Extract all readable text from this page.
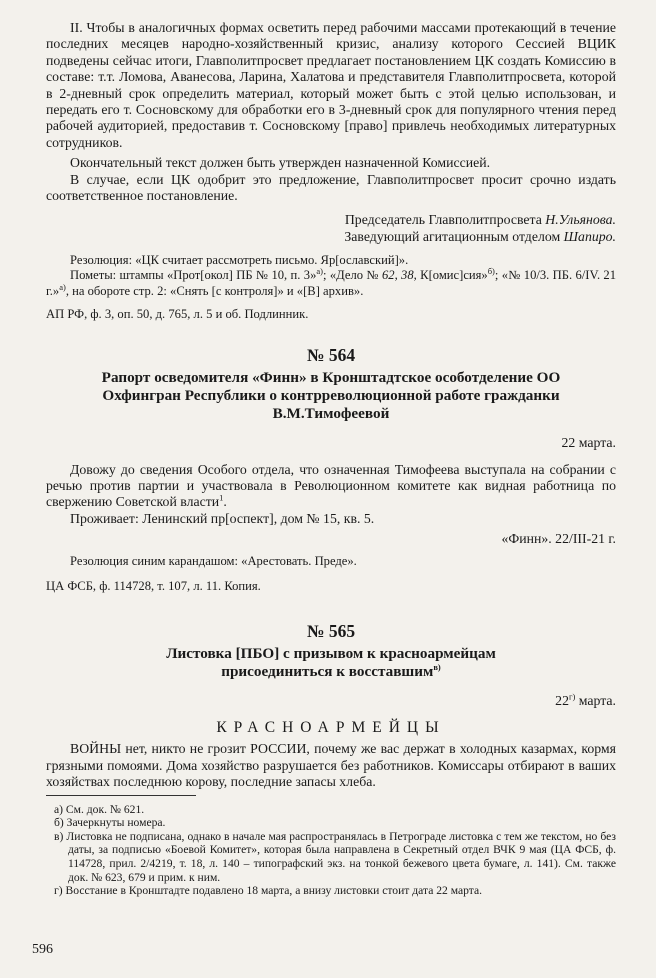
II. Чтобы в аналогичных формах осветить перед рабочими массами протекающий в течение последних месяцев народно-хозяйственный кризис, анализу которого Сессией ВЦИК подведены сейчас итоги, Главполитпросвет предлагает постановлением ЦК создать Комиссию в составе: т.т. Ломова, Аванесова, Ларина, Халатова и представителя Главполитпросвета, которой в 2-дневный срок определить материал, который может быть с этой целью использован, и передать его т. Сосновскому для обработки его в 3-дневный срок для популярного чтения перед рабочей аудиторией, предоставив т. Сосновскому [право] привлечь необходимых литературных сотрудников.

Окончательный текст должен быть утвержден назначенной Комиссией.

В случае, если ЦК одобрит это предложение, Главполитпросвет просит срочно издать соответственное постановление.

Председатель Главполитпросвета Н.Ульянова.

Заведующий агитационным отделом Шапиро.

Резолюция: «ЦК считает рассмотреть письмо. Яр[ославский]».

Пометы: штампы «Прот[окол] ПБ № 10, п. 3»$^{а)}$; «Дело № 62, 38, К[омис]сия»$^{б)}$; «№ 10/3. ПБ. 6/IV. 21 г.»$^{а)}$, на обороте стр. 2: «Снять [с контроля]» и «[В] архив».

АП РФ, ф. 3, оп. 50, д. 765, л. 5 и об. Подлинник.

№ 564

Рапорт осведомителя «Финн» в Кронштадтское особотделение ОО Охфингран Республики о контрреволюционной работе гражданки В.М.Тимофеевой

22 марта.

Довожу до сведения Особого отдела, что означенная Тимофеева выступала на собрании с речью против партии и участвовала в Революционном комитете как видная работница по свержению Советской власти$^1$.

Проживает: Ленинский пр[оспект], дом № 15, кв. 5.

«Финн». 22/III-21 г.

Резолюция синим карандашом: «Арестовать. Преде».

ЦА ФСБ, ф. 114728, т. 107, л. 11. Копия.

№ 565

Листовка [ПБО] с призывом к красноармейцам присоединиться к восставшим$^{в)}$

$22^{г)}$ марта.

КРАСНОАРМЕЙЦЫ

ВОЙНЫ нет, никто не грозит РОССИИ, почему же вас держат в холодных казармах, кормя грязными помоями. Дома хозяйство разрушается без работников. Комиссары отбирают в ваших хозяйствах последнюю корову, последние запасы хлеба.

а) См. док. № 621.

б) Зачеркнуты номера.

в) Листовка не подписана, однако в начале мая распространялась в Петрограде листовка с тем же текстом, но без даты, за подписью «Боевой Комитет», которая была направлена в Секретный отдел ВЧК 9 мая (ЦА ФСБ, ф. 114728, прил. 2/4219, т. 18, л. 140 – типографский экз. на тонкой бежевого цвета бумаге, л. 141). См. также док. № 623, 679 и прим. к ним.

г) Восстание в Кронштадте подавлено 18 марта, а внизу листовки стоит дата 22 марта.

596
